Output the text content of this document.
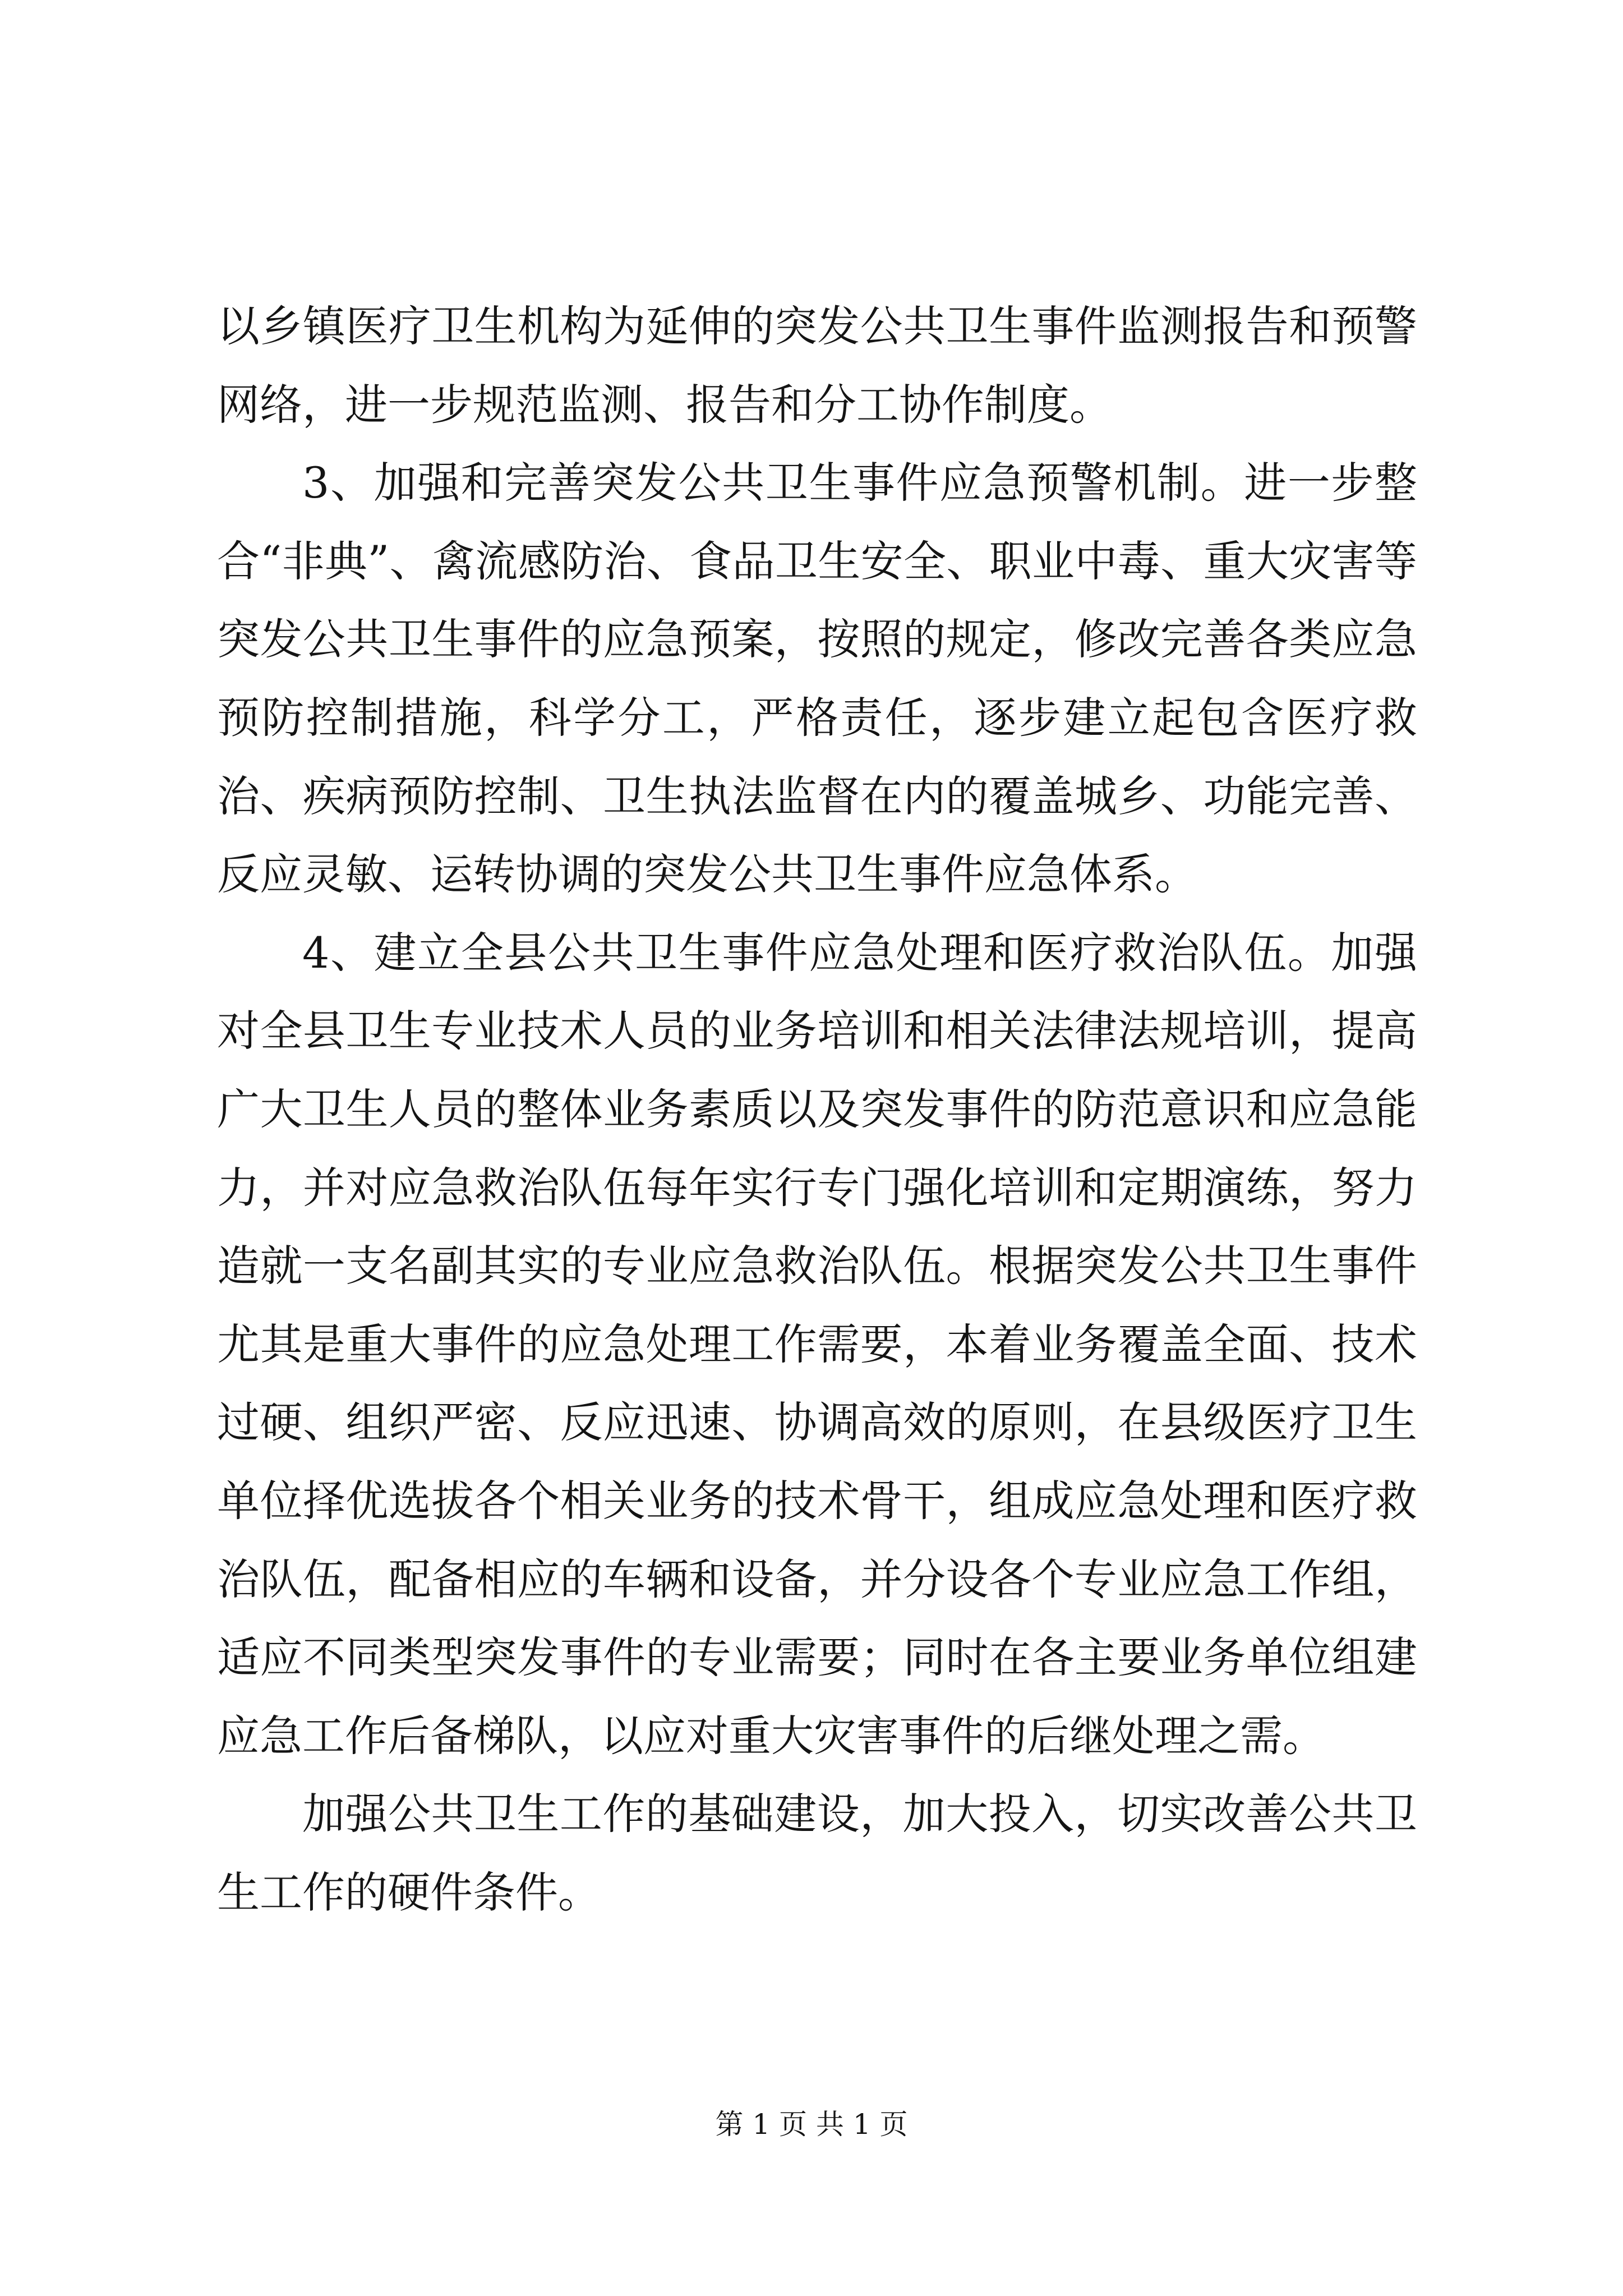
以乡镇医疗卫生机构为延伸的突发公共卫生事件监测报告和预警网络，进一步规范监测、报告和分工协作制度。

3、加强和完善突发公共卫生事件应急预警机制。进一步整合“非典”、禽流感防治、食品卫生安全、职业中毒、重大灾害等突发公共卫生事件的应急预案，按照的规定，修改完善各类应急预防控制措施，科学分工，严格责任，逐步建立起包含医疗救治、疾病预防控制、卫生执法监督在内的覆盖城乡、功能完善、反应灵敏、运转协调的突发公共卫生事件应急体系。

4、建立全县公共卫生事件应急处理和医疗救治队伍。加强对全县卫生专业技术人员的业务培训和相关法律法规培训，提高广大卫生人员的整体业务素质以及突发事件的防范意识和应急能力，并对应急救治队伍每年实行专门强化培训和定期演练，努力造就一支名副其实的专业应急救治队伍。根据突发公共卫生事件尤其是重大事件的应急处理工作需要，本着业务覆盖全面、技术过硬、组织严密、反应迅速、协调高效的原则，在县级医疗卫生单位择优选拔各个相关业务的技术骨干，组成应急处理和医疗救治队伍，配备相应的车辆和设备，并分设各个专业应急工作组，适应不同类型突发事件的专业需要；同时在各主要业务单位组建应急工作后备梯队，以应对重大灾害事件的后继处理之需。

加强公共卫生工作的基础建设，加大投入，切实改善公共卫生工作的硬件条件。

第 1 页 共 1 页
